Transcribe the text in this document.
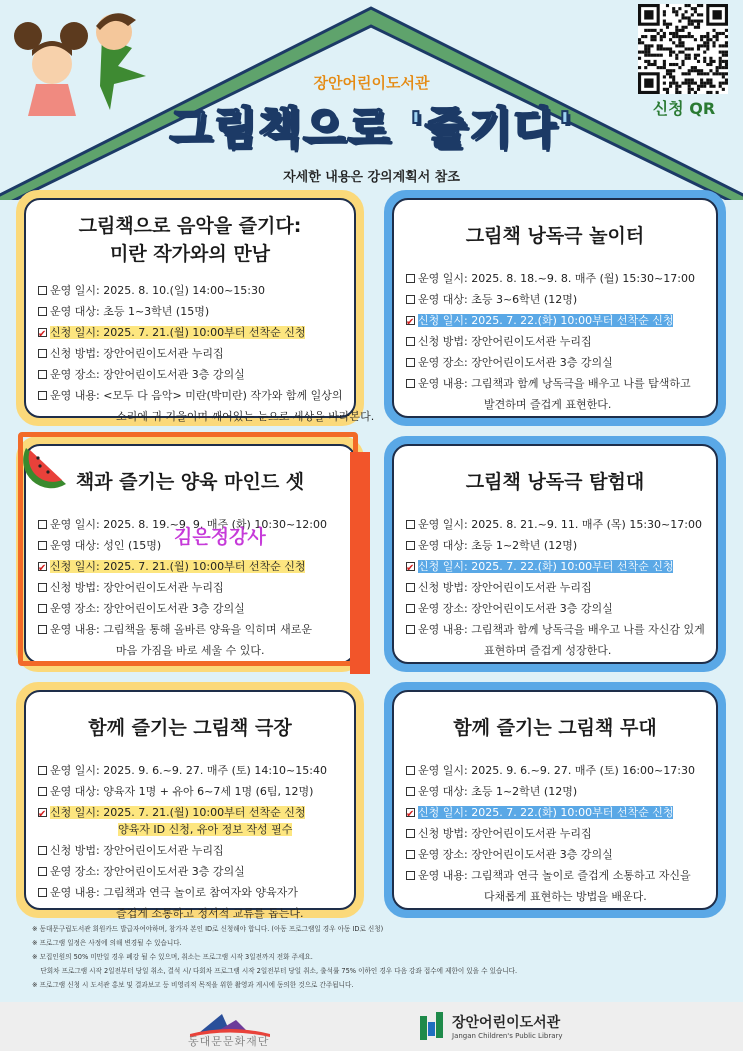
장안어린이도서관
그림책으로 '즐기다'
자세한 내용은 강의계획서 참조
신청 QR
그림책으로 음악을 즐기다:
미란 작가와의 만남
운영 일시: 2025. 8. 10.(일) 14:00~15:30
운영 대상: 초등 1~3학년 (15명)
✔
신청 일시: 2025. 7. 21.(월) 10:00부터 선착순 신청
신청 방법: 장안어린이도서관 누리집
운영 장소: 장안어린이도서관 3층 강의실
운영 내용: <모두 다 음악> 미란(박미란) 작가와 함께 일상의
소리에 귀 기울이며 깨어있는 눈으로 세상을 바라본다.
그림책 낭독극 놀이터
운영 일시: 2025. 8. 18.~9. 8. 매주 (월) 15:30~17:00
운영 대상: 초등 3~6학년 (12명)
✔
신청 일시: 2025. 7. 22.(화) 10:00부터 선착순 신청
신청 방법: 장안어린이도서관 누리집
운영 장소: 장안어린이도서관 3층 강의실
운영 내용: 그림책과 함께 낭독극을 배우고 나를 탐색하고
발견하며 즐겁게 표현한다.
책과 즐기는 양육 마인드 셋
운영 일시: 2025. 8. 19.~9. 9. 매주 (화) 10:30~12:00
운영 대상: 성인 (15명)
✔
신청 일시: 2025. 7. 21.(월) 10:00부터 선착순 신청
신청 방법: 장안어린이도서관 누리집
운영 장소: 장안어린이도서관 3층 강의실
운영 내용: 그림책을 통해 올바른 양육을 익히며 새로운
마음 가짐을 바로 세울 수 있다.
그림책 낭독극 탐험대
운영 일시: 2025. 8. 21.~9. 11. 매주 (목) 15:30~17:00
운영 대상: 초등 1~2학년 (12명)
✔
신청 일시: 2025. 7. 22.(화) 10:00부터 선착순 신청
신청 방법: 장안어린이도서관 누리집
운영 장소: 장안어린이도서관 3층 강의실
운영 내용: 그림책과 함께 낭독극을 배우고 나를 자신감 있게
표현하며 즐겁게 성장한다.
함께 즐기는 그림책 극장
운영 일시: 2025. 9. 6.~9. 27. 매주 (토) 14:10~15:40
운영 대상: 양육자 1명 + 유아 6~7세 1명 (6팀, 12명)
✔
신청 일시: 2025. 7. 21.(월) 10:00부터 선착순 신청
양육자 ID 신청, 유아 정보 작성 필수
신청 방법: 장안어린이도서관 누리집
운영 장소: 장안어린이도서관 3층 강의실
운영 내용: 그림책과 연극 놀이로 참여자와 양육자가
즐겁게 소통하고 정서적 교류를 돕는다.
함께 즐기는 그림책 무대
운영 일시: 2025. 9. 6.~9. 27. 매주 (토) 16:00~17:30
운영 대상: 초등 1~2학년 (12명)
✔
신청 일시: 2025. 7. 22.(화) 10:00부터 선착순 신청
신청 방법: 장안어린이도서관 누리집
운영 장소: 장안어린이도서관 3층 강의실
운영 내용: 그림책과 연극 놀이로 즐겁게 소통하고 자신을
다채롭게 표현하는 방법을 배운다.
김은정강사
※ 동대문구립도서관 회원카드 발급자여야하며, 참가자 본인 ID로 신청해야 합니다. (아동 프로그램일 경우 아동 ID로 신청)
※ 프로그램 일정은 사정에 의해 변경될 수 있습니다.
※ 모집인원의 50% 미만일 경우 폐강 될 수 있으며, 취소는 프로그램 시작 3일전까지 전화 주세요.
단회차 프로그램 시작 2일전부터 당일 취소, 결석 시/ 다회차 프로그램 시작 2일전부터 당일 취소, 출석률 75% 이하인 경우 다음 강좌 접수에 제한이 있을 수 있습니다.
※ 프로그램 신청 시 도서관 홍보 및 결과보고 등 비영리적 목적을 위한 촬영과 게시에 동의한 것으로 간주됩니다.
동대문문화재단
장안어린이도서관
Jangan Children's Public Library
